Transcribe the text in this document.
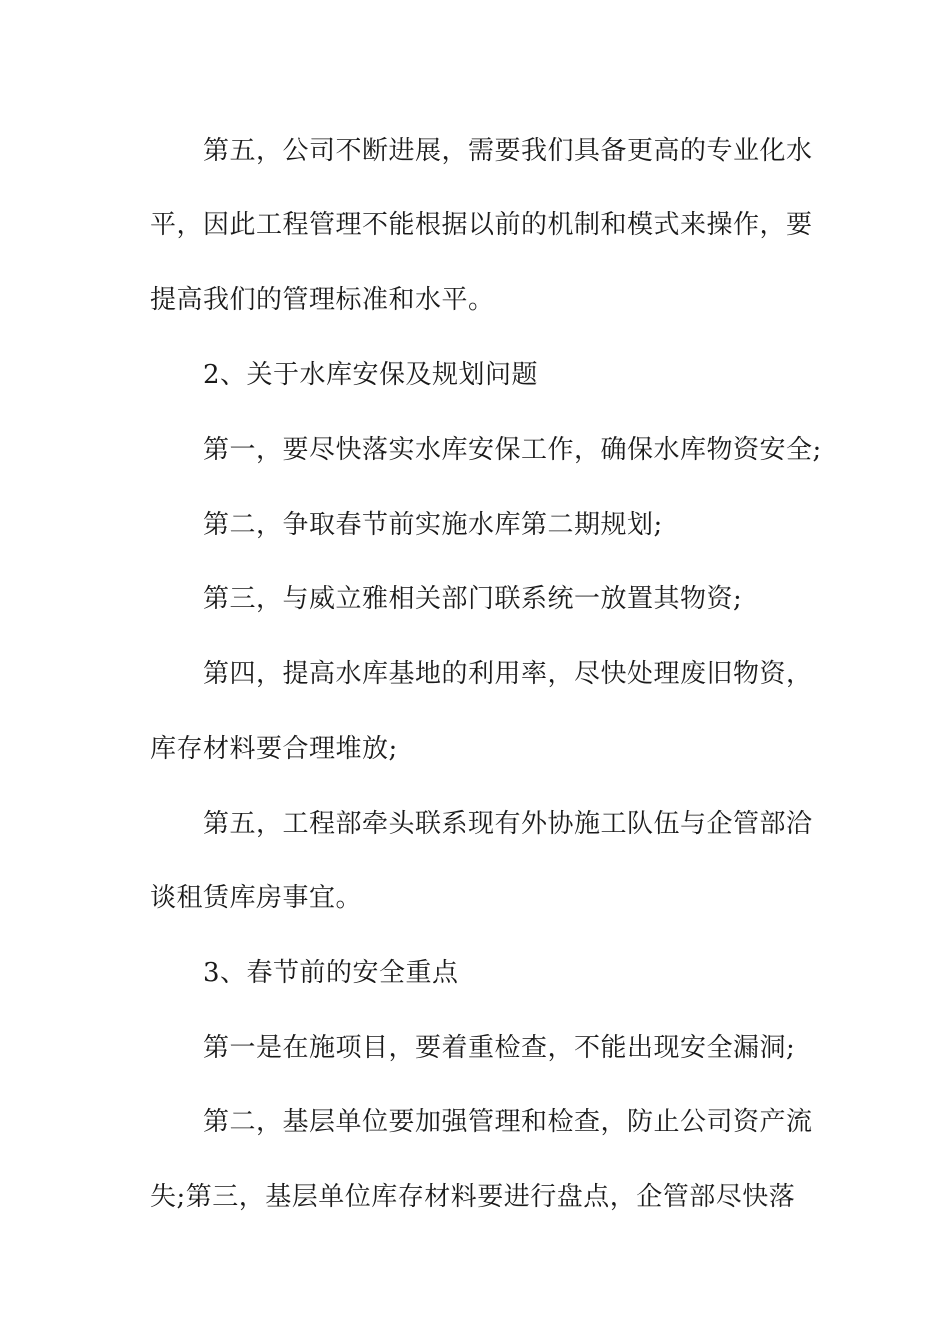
第五，公司不断进展，需要我们具备更高的专业化水
平，因此工程管理不能根据以前的机制和模式来操作，要
提高我们的管理标准和水平。
2、关于水库安保及规划问题
第一，要尽快落实水库安保工作，确保水库物资安全;
第二，争取春节前实施水库第二期规划;
第三，与威立雅相关部门联系统一放置其物资;
第四，提高水库基地的利用率，尽快处理废旧物资，
库存材料要合理堆放;
第五，工程部牵头联系现有外协施工队伍与企管部洽
谈租赁库房事宜。
3、春节前的安全重点
第一是在施项目，要着重检查，不能出现安全漏洞;
第二，基层单位要加强管理和检查，防止公司资产流
失;第三，基层单位库存材料要进行盘点，企管部尽快落
